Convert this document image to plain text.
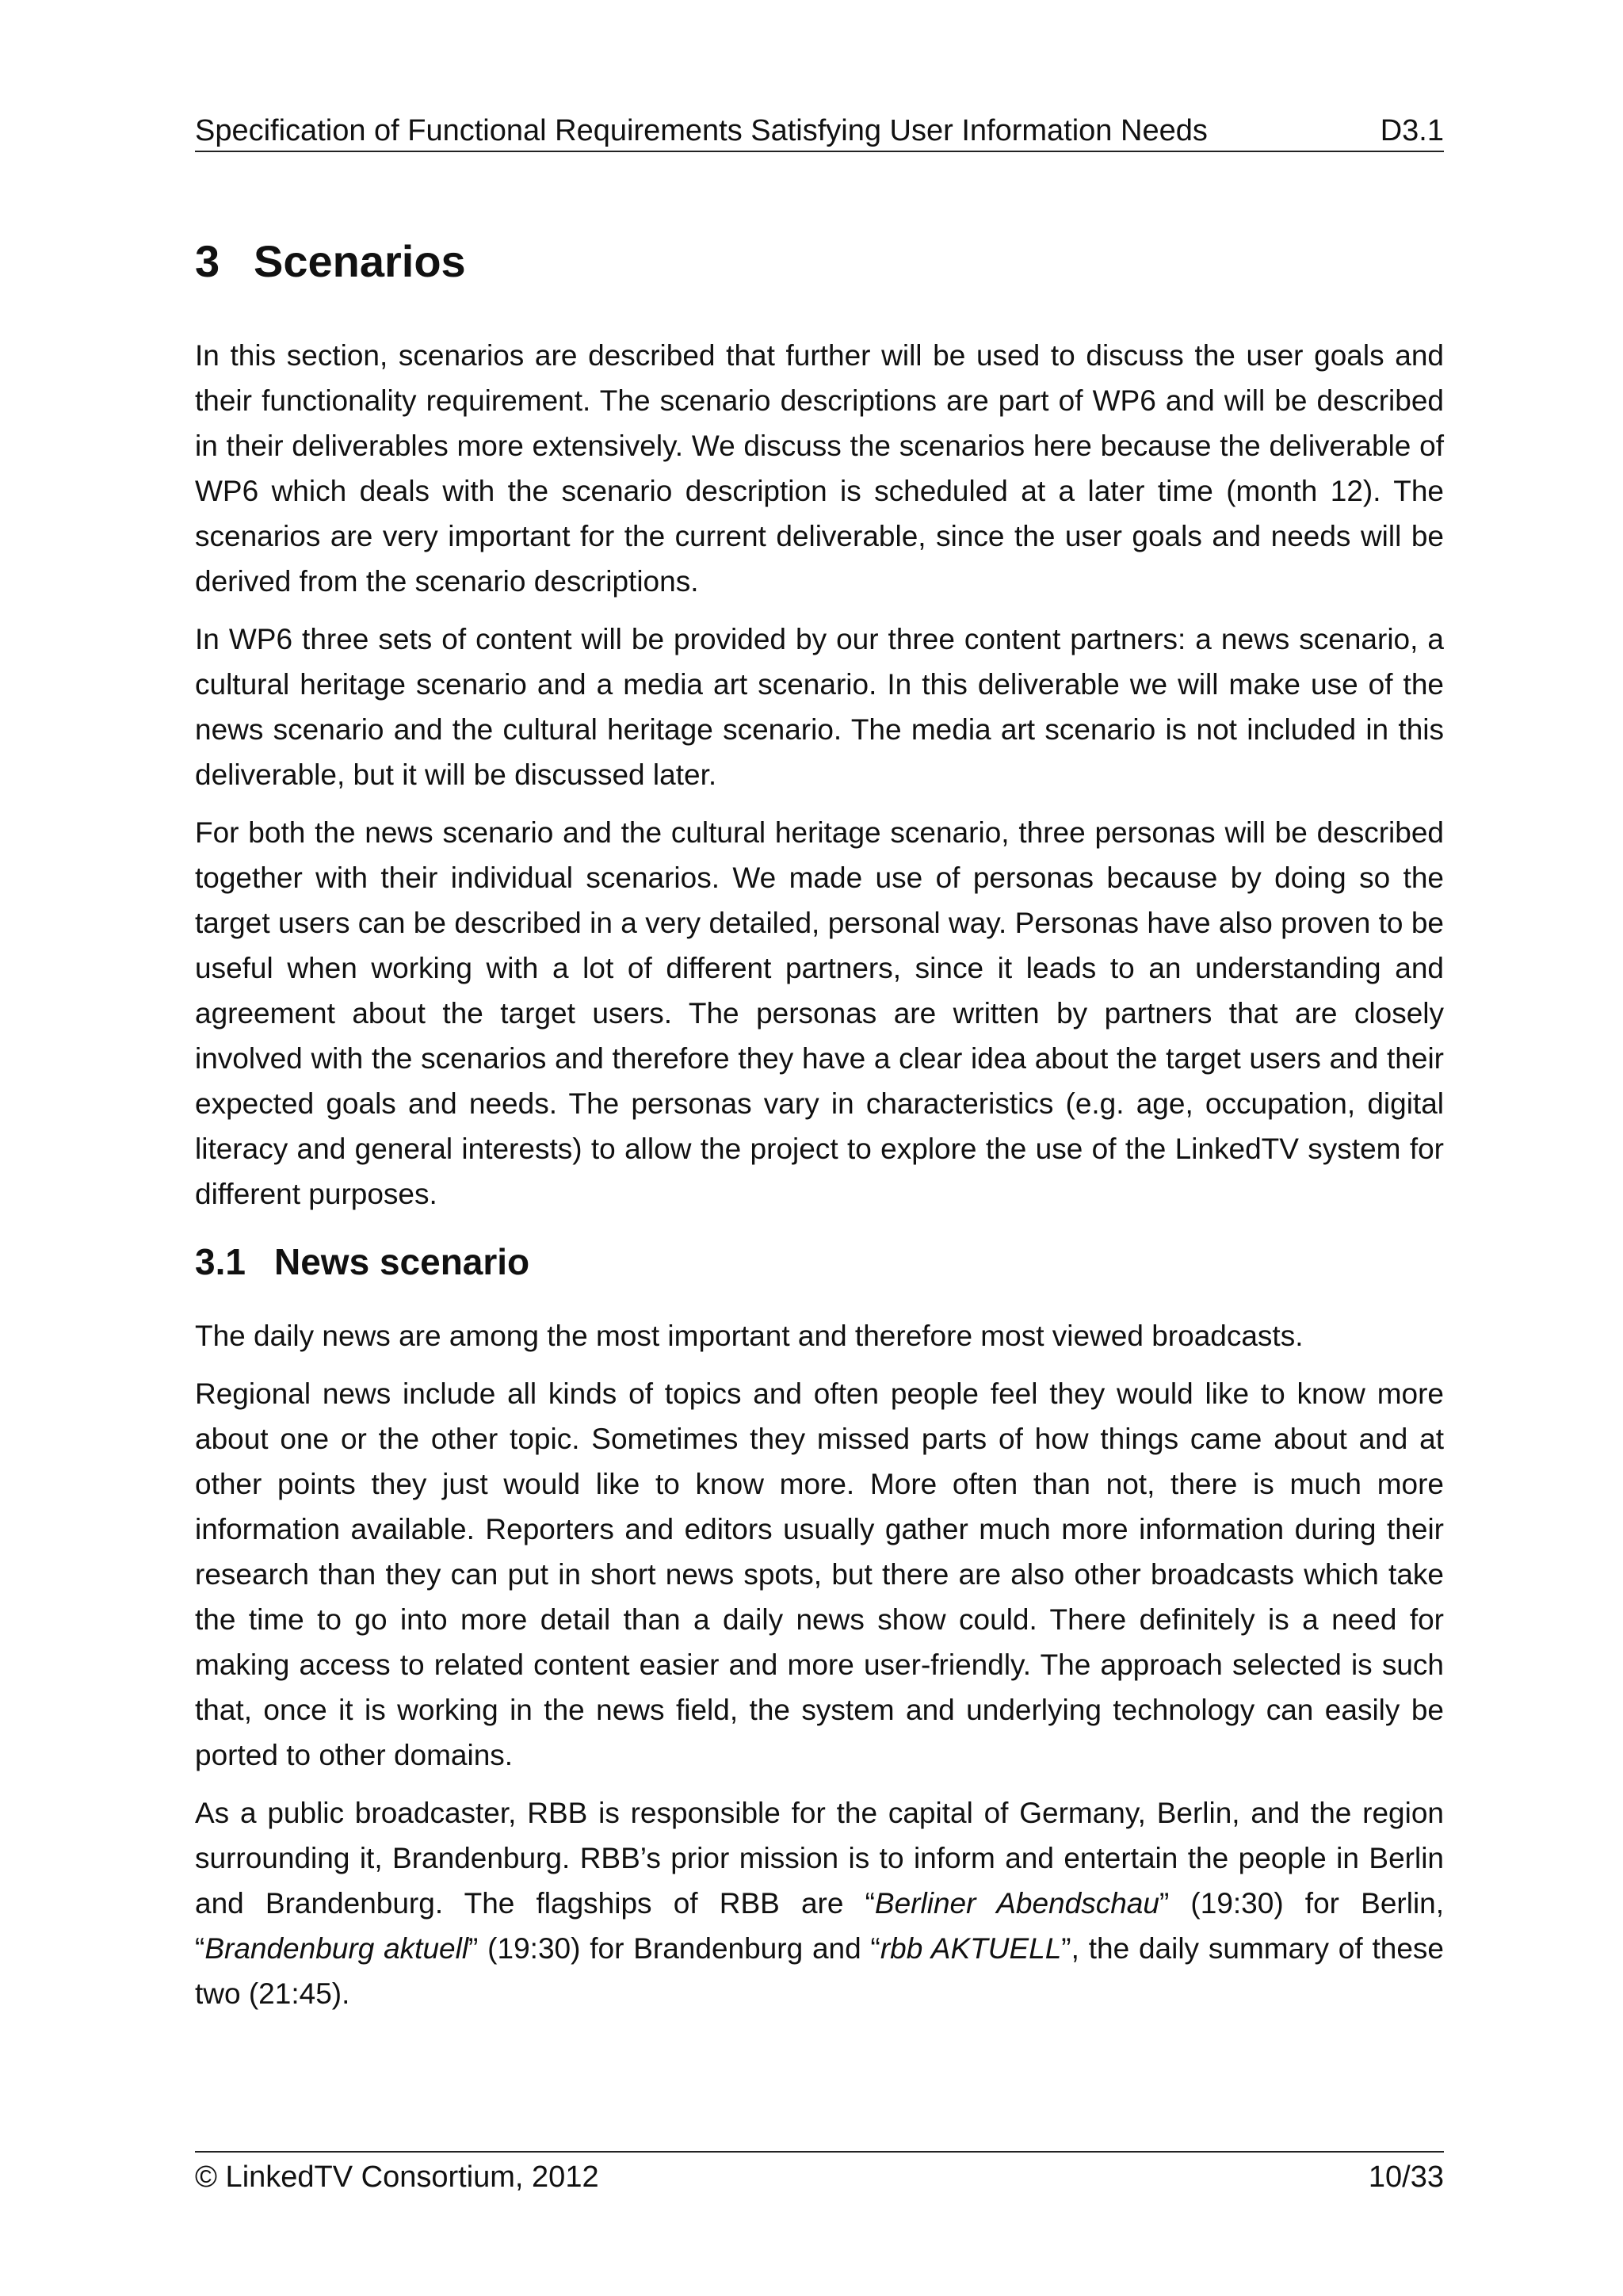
Specification of Functional Requirements Satisfying User Information Needs	D3.1
3 Scenarios

In this section, scenarios are described that further will be used to discuss the user goals and their functionality requirement. The scenario descriptions are part of WP6 and will be described in their deliverables more extensively. We discuss the scenarios here because the deliverable of WP6 which deals with the scenario description is scheduled at a later time (month 12). The scenarios are very important for the current deliverable, since the user goals and needs will be derived from the scenario descriptions.

In WP6 three sets of content will be provided by our three content partners: a news scenario, a cultural heritage scenario and a media art scenario. In this deliverable we will make use of the news scenario and the cultural heritage scenario. The media art scenario is not included in this deliverable, but it will be discussed later.

For both the news scenario and the cultural heritage scenario, three personas will be described together with their individual scenarios. We made use of personas because by doing so the target users can be described in a very detailed, personal way. Personas have also proven to be useful when working with a lot of different partners, since it leads to an understanding and agreement about the target users. The personas are written by partners that are closely involved with the scenarios and therefore they have a clear idea about the target users and their expected goals and needs. The personas vary in characteristics (e.g. age, occupation, digital literacy and general interests) to allow the project to explore the use of the LinkedTV system for different purposes.

3.1 News scenario

The daily news are among the most important and therefore most viewed broadcasts.

Regional news include all kinds of topics and often people feel they would like to know more about one or the other topic. Sometimes they missed parts of how things came about and at other points they just would like to know more. More often than not, there is much more information available. Reporters and editors usually gather much more information during their research than they can put in short news spots, but there are also other broadcasts which take the time to go into more detail than a daily news show could. There definitely is a need for making access to related content easier and more user-friendly. The approach selected is such that, once it is working in the news field, the system and underlying technology can easily be ported to other domains.

As a public broadcaster, RBB is responsible for the capital of Germany, Berlin, and the region surrounding it, Brandenburg. RBB’s prior mission is to inform and entertain the people in Berlin and Brandenburg. The flagships of RBB are “Berliner Abendschau” (19:30) for Berlin, “Brandenburg aktuell” (19:30) for Brandenburg and “rbb AKTUELL”, the daily summary of these two (21:45).

© LinkedTV Consortium, 2012	10/33
